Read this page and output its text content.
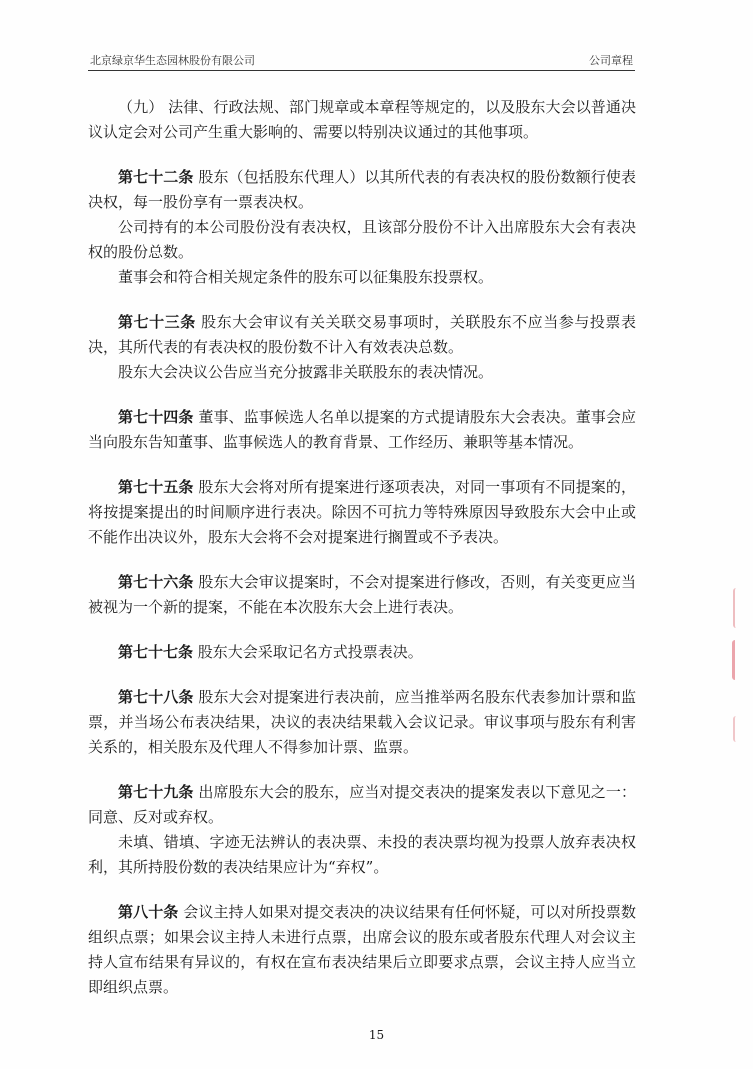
北京绿京华生态园林股份有限公司	公司章程

（九） 法律、行政法规、部门规章或本章程等规定的，以及股东大会以普通决议认定会对公司产生重大影响的、需要以特别决议通过的其他事项。

第七十二条 股东（包括股东代理人）以其所代表的有表决权的股份数额行使表决权，每一股份享有一票表决权。

公司持有的本公司股份没有表决权，且该部分股份不计入出席股东大会有表决权的股份总数。

董事会和符合相关规定条件的股东可以征集股东投票权。

第七十三条 股东大会审议有关关联交易事项时，关联股东不应当参与投票表决，其所代表的有表决权的股份数不计入有效表决总数。

股东大会决议公告应当充分披露非关联股东的表决情况。

第七十四条 董事、监事候选人名单以提案的方式提请股东大会表决。董事会应当向股东告知董事、监事候选人的教育背景、工作经历、兼职等基本情况。

第七十五条 股东大会将对所有提案进行逐项表决，对同一事项有不同提案的，将按提案提出的时间顺序进行表决。除因不可抗力等特殊原因导致股东大会中止或不能作出决议外，股东大会将不会对提案进行搁置或不予表决。

第七十六条 股东大会审议提案时，不会对提案进行修改，否则，有关变更应当被视为一个新的提案，不能在本次股东大会上进行表决。

第七十七条 股东大会采取记名方式投票表决。

第七十八条 股东大会对提案进行表决前，应当推举两名股东代表参加计票和监票，并当场公布表决结果，决议的表决结果载入会议记录。审议事项与股东有利害关系的，相关股东及代理人不得参加计票、监票。

第七十九条 出席股东大会的股东，应当对提交表决的提案发表以下意见之一：同意、反对或弃权。

未填、错填、字迹无法辨认的表决票、未投的表决票均视为投票人放弃表决权利，其所持股份数的表决结果应计为“弃权”。

第八十条 会议主持人如果对提交表决的决议结果有任何怀疑，可以对所投票数组织点票；如果会议主持人未进行点票，出席会议的股东或者股东代理人对会议主持人宣布结果有异议的，有权在宣布表决结果后立即要求点票，会议主持人应当立即组织点票。

15
